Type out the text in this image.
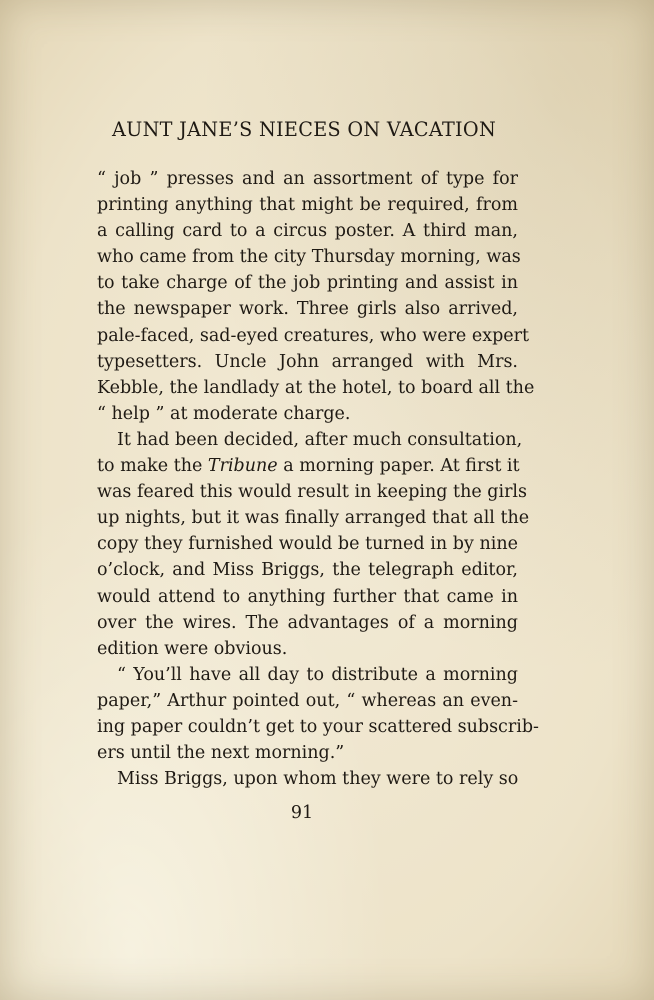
AUNT JANE’S NIECES ON VACATION
“ job ” presses and an assortment of type for
printing anything that might be required, from
a calling card to a circus poster. A third man,
who came from the city Thursday morning, was
to take charge of the job printing and assist in
the newspaper work. Three girls also arrived,
pale-faced, sad-eyed creatures, who were expert
typesetters. Uncle John arranged with Mrs.
Kebble, the landlady at the hotel, to board all the
“ help ” at moderate charge.
It had been decided, after much consultation,
to make the Tribune a morning paper. At first it
was feared this would result in keeping the girls
up nights, but it was finally arranged that all the
copy they furnished would be turned in by nine
o’clock, and Miss Briggs, the telegraph editor,
would attend to anything further that came in
over the wires. The advantages of a morning
edition were obvious.
“ You’ll have all day to distribute a morning
paper,” Arthur pointed out, “ whereas an even-
ing paper couldn’t get to your scattered subscrib-
ers until the next morning.”
Miss Briggs, upon whom they were to rely so
91
